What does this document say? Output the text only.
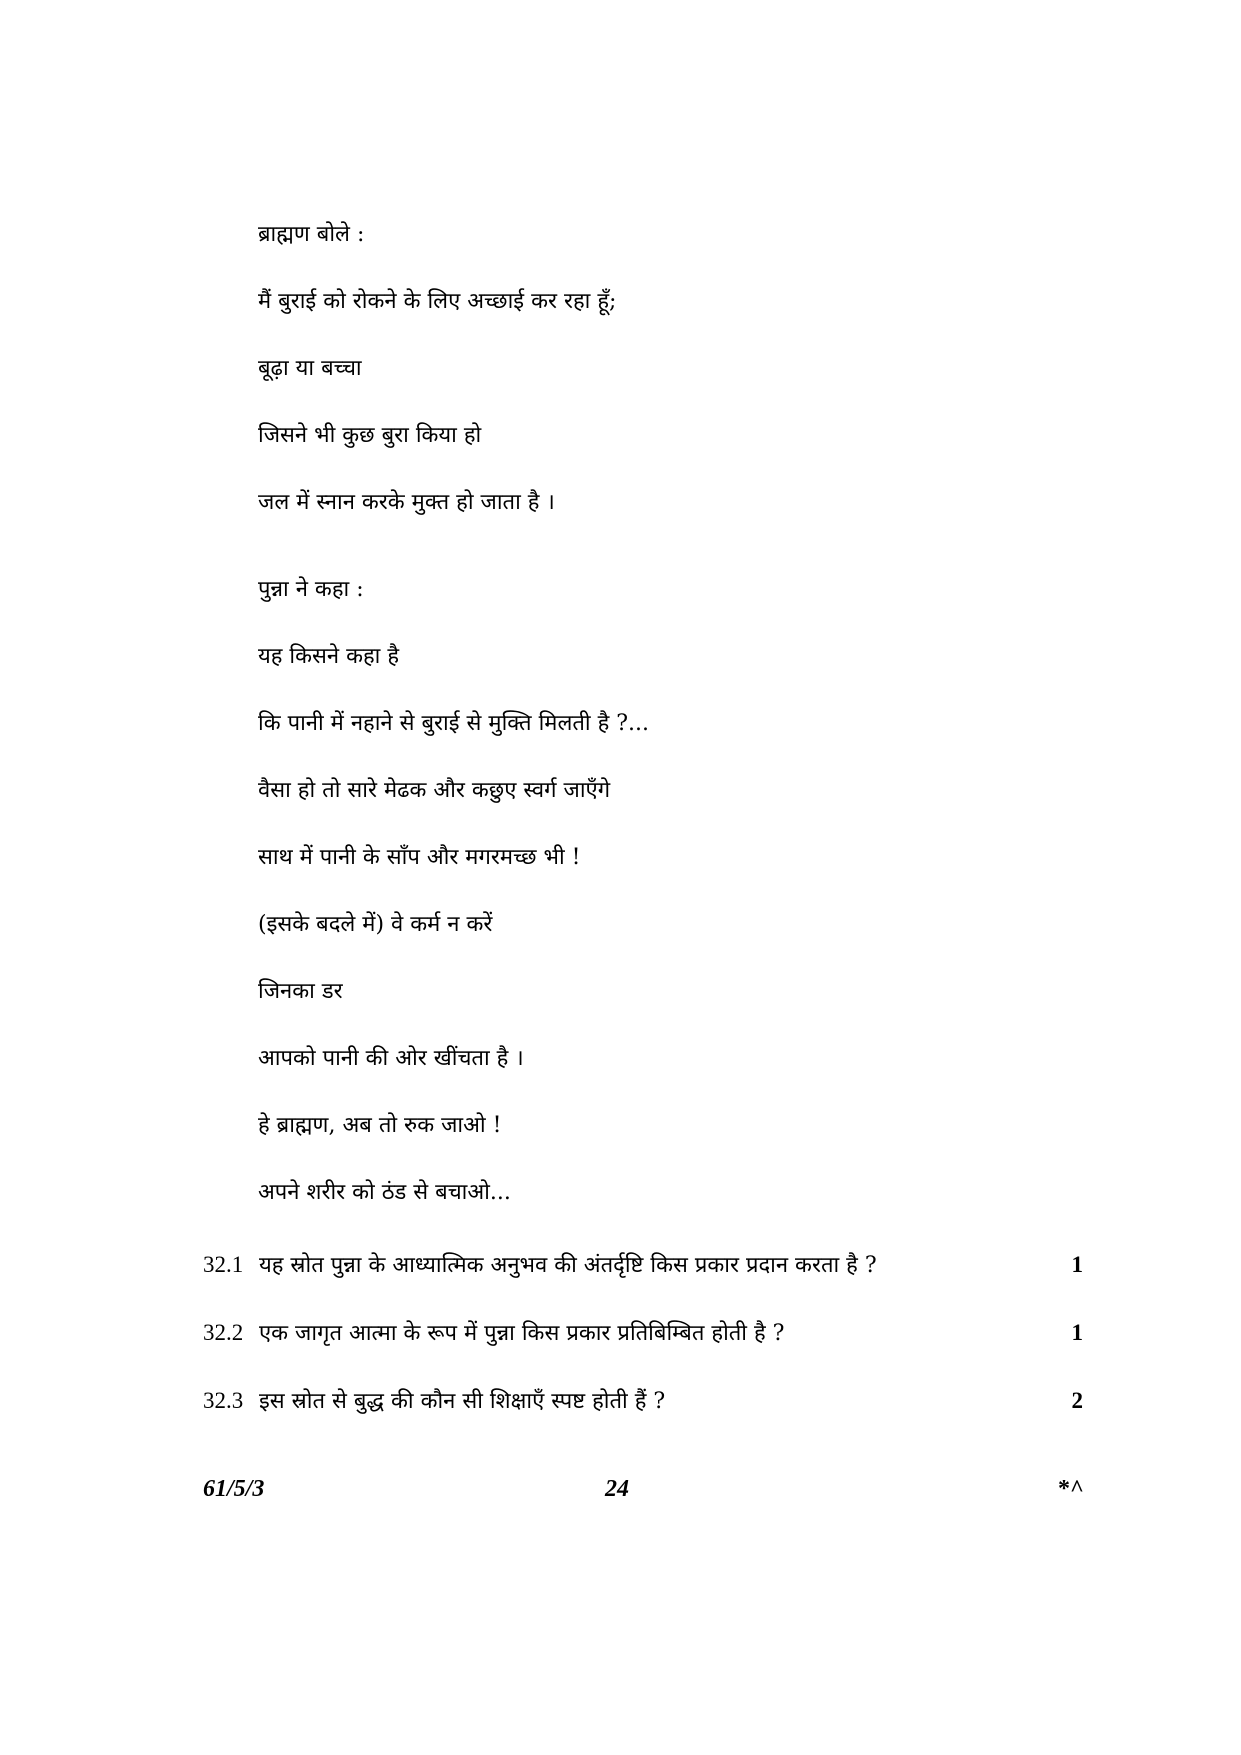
ब्राह्मण बोले :
मैं बुराई को रोकने के लिए अच्छाई कर रहा हूँ;
बूढ़ा या बच्चा
जिसने भी कुछ बुरा किया हो
जल में स्नान करके मुक्त हो जाता है ।
पुन्ना ने कहा :
यह किसने कहा है
कि पानी में नहाने से बुराई से मुक्ति मिलती है ?...
वैसा हो तो सारे मेढक और कछुए स्वर्ग जाएँगे
साथ में पानी के साँप और मगरमच्छ भी !
(इसके बदले में) वे कर्म न करें
जिनका डर
आपको पानी की ओर खींचता है ।
हे ब्राह्मण, अब तो रुक जाओ !
अपने शरीर को ठंड से बचाओ...
32.1 यह स्रोत पुन्ना के आध्यात्मिक अनुभव की अंतर्दृष्टि किस प्रकार प्रदान करता है ?	1
32.2 एक जागृत आत्मा के रूप में पुन्ना किस प्रकार प्रतिबिम्बित होती है ?	1
32.3 इस स्रोत से बुद्ध की कौन सी शिक्षाएँ स्पष्ट होती हैं ?	2
61/5/3	24	*^
